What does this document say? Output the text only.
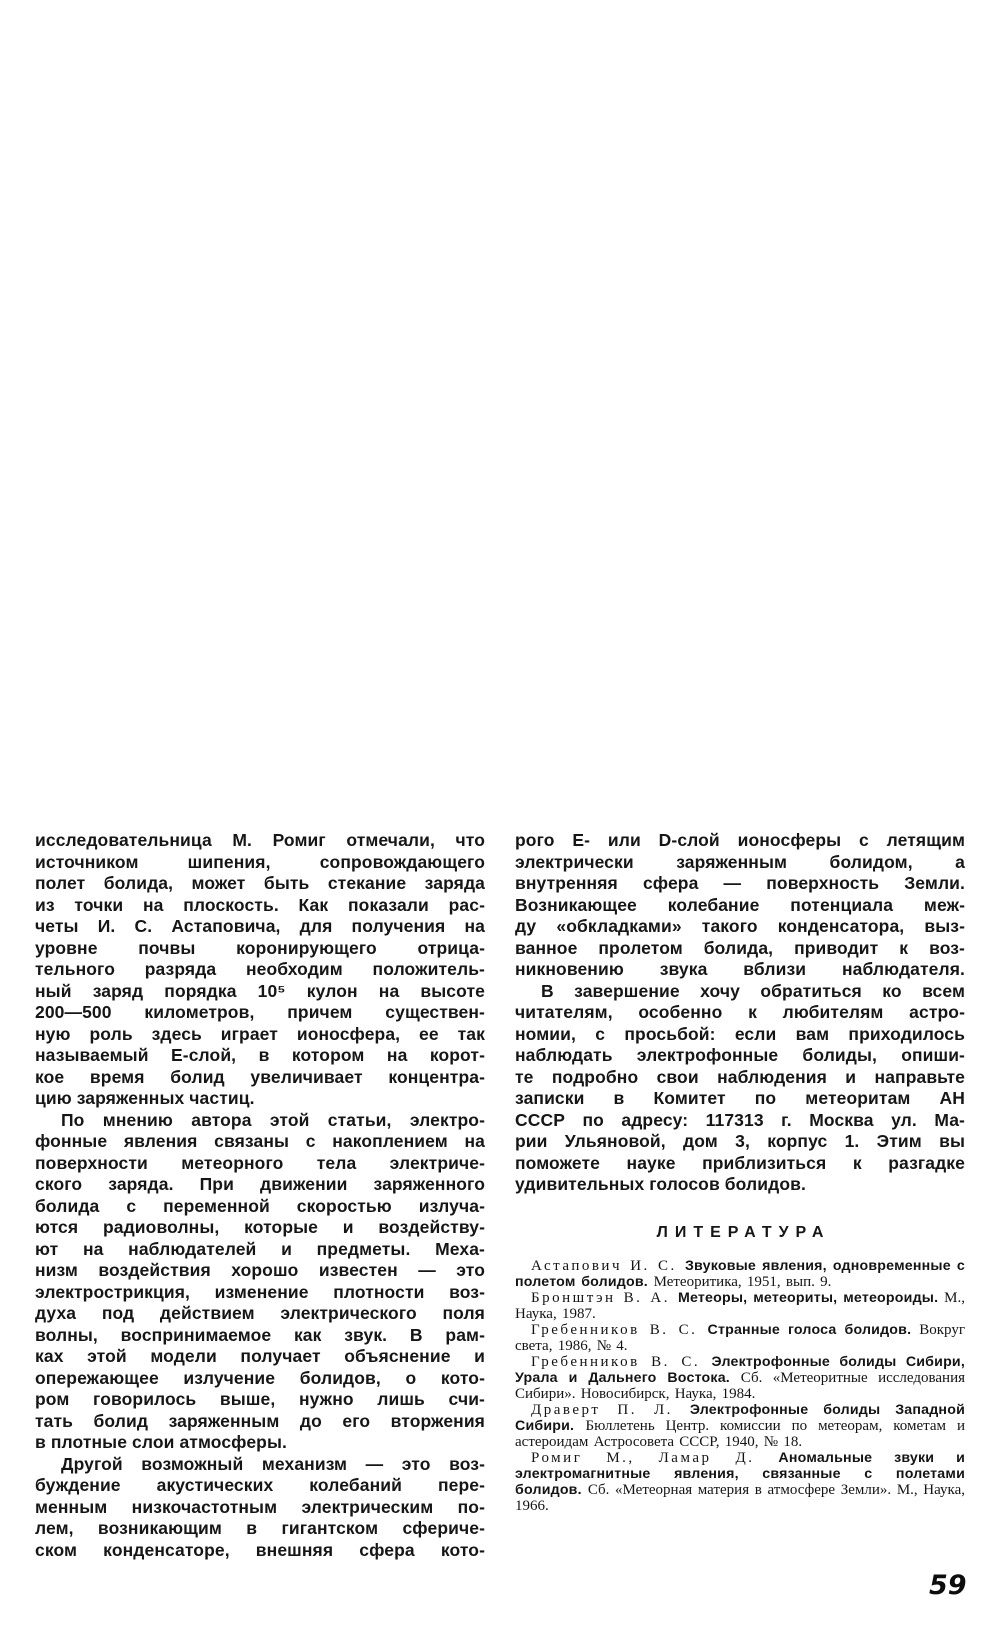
исследовательница М. Ромиг отмечали, что
источником шипения, сопровождающего
полет болида, может быть стекание заряда
из точки на плоскость. Как показали рас-
четы И. С. Астаповича, для получения на
уровне почвы коронирующего отрица-
тельного разряда необходим положитель-
ный заряд порядка 10⁵ кулон на высоте
200—500 километров, причем существен-
ную роль здесь играет ионосфера, ее так
называемый Е-слой, в котором на корот-
кое время болид увеличивает концентра-
цию заряженных частиц.
По мнению автора этой статьи, электро-
фонные явления связаны с накоплением на
поверхности метеорного тела электриче-
ского заряда. При движении заряженного
болида с переменной скоростью излуча-
ются радиоволны, которые и воздейству-
ют на наблюдателей и предметы. Меха-
низм воздействия хорошо известен — это
электрострикция, изменение плотности воз-
духа под действием электрического поля
волны, воспринимаемое как звук. В рам-
ках этой модели получает объяснение и
опережающее излучение болидов, о кото-
ром говорилось выше, нужно лишь счи-
тать болид заряженным до его вторжения
в плотные слои атмосферы.
Другой возможный механизм — это воз-
буждение акустических колебаний пере-
менным низкочастотным электрическим по-
лем, возникающим в гигантском сфериче-
ском конденсаторе, внешняя сфера кото-
рого Е- или D-слой ионосферы с летящим
электрически заряженным болидом, а
внутренняя сфера — поверхность Земли.
Возникающее колебание потенциала меж-
ду «обкладками» такого конденсатора, выз-
ванное пролетом болида, приводит к воз-
никновению звука вблизи наблюдателя.
В завершение хочу обратиться ко всем
читателям, особенно к любителям астро-
номии, с просьбой: если вам приходилось
наблюдать электрофонные болиды, опиши-
те подробно свои наблюдения и направьте
записки в Комитет по метеоритам АН
СССР по адресу: 117313 г. Москва ул. Ма-
рии Ульяновой, дом 3, корпус 1. Этим вы
поможете науке приблизиться к разгадке
удивительных голосов болидов.
ЛИТЕРАТУРА

Астапович И. С. Звуковые явления, одновременные с полетом болидов. Метеоритика, 1951, вып. 9.

Бронштэн В. А. Метеоры, метеориты, метеороиды. М., Наука, 1987.

Гребенников В. С. Странные голоса болидов. Вокруг света, 1986, № 4.

Гребенников В. С. Электрофонные болиды Сибири, Урала и Дальнего Востока. Сб. «Метеоритные исследования Сибири». Новосибирск, Наука, 1984.

Драверт П. Л. Электрофонные болиды Западной Сибири. Бюллетень Центр. комиссии по метеорам, кометам и астероидам Астросовета СССР, 1940, № 18.

Ромиг М., Ламар Д. Аномальные звуки и электромагнитные явления, связанные с полетами болидов. Сб. «Метеорная материя в атмосфере Земли». М., Наука, 1966.

59
